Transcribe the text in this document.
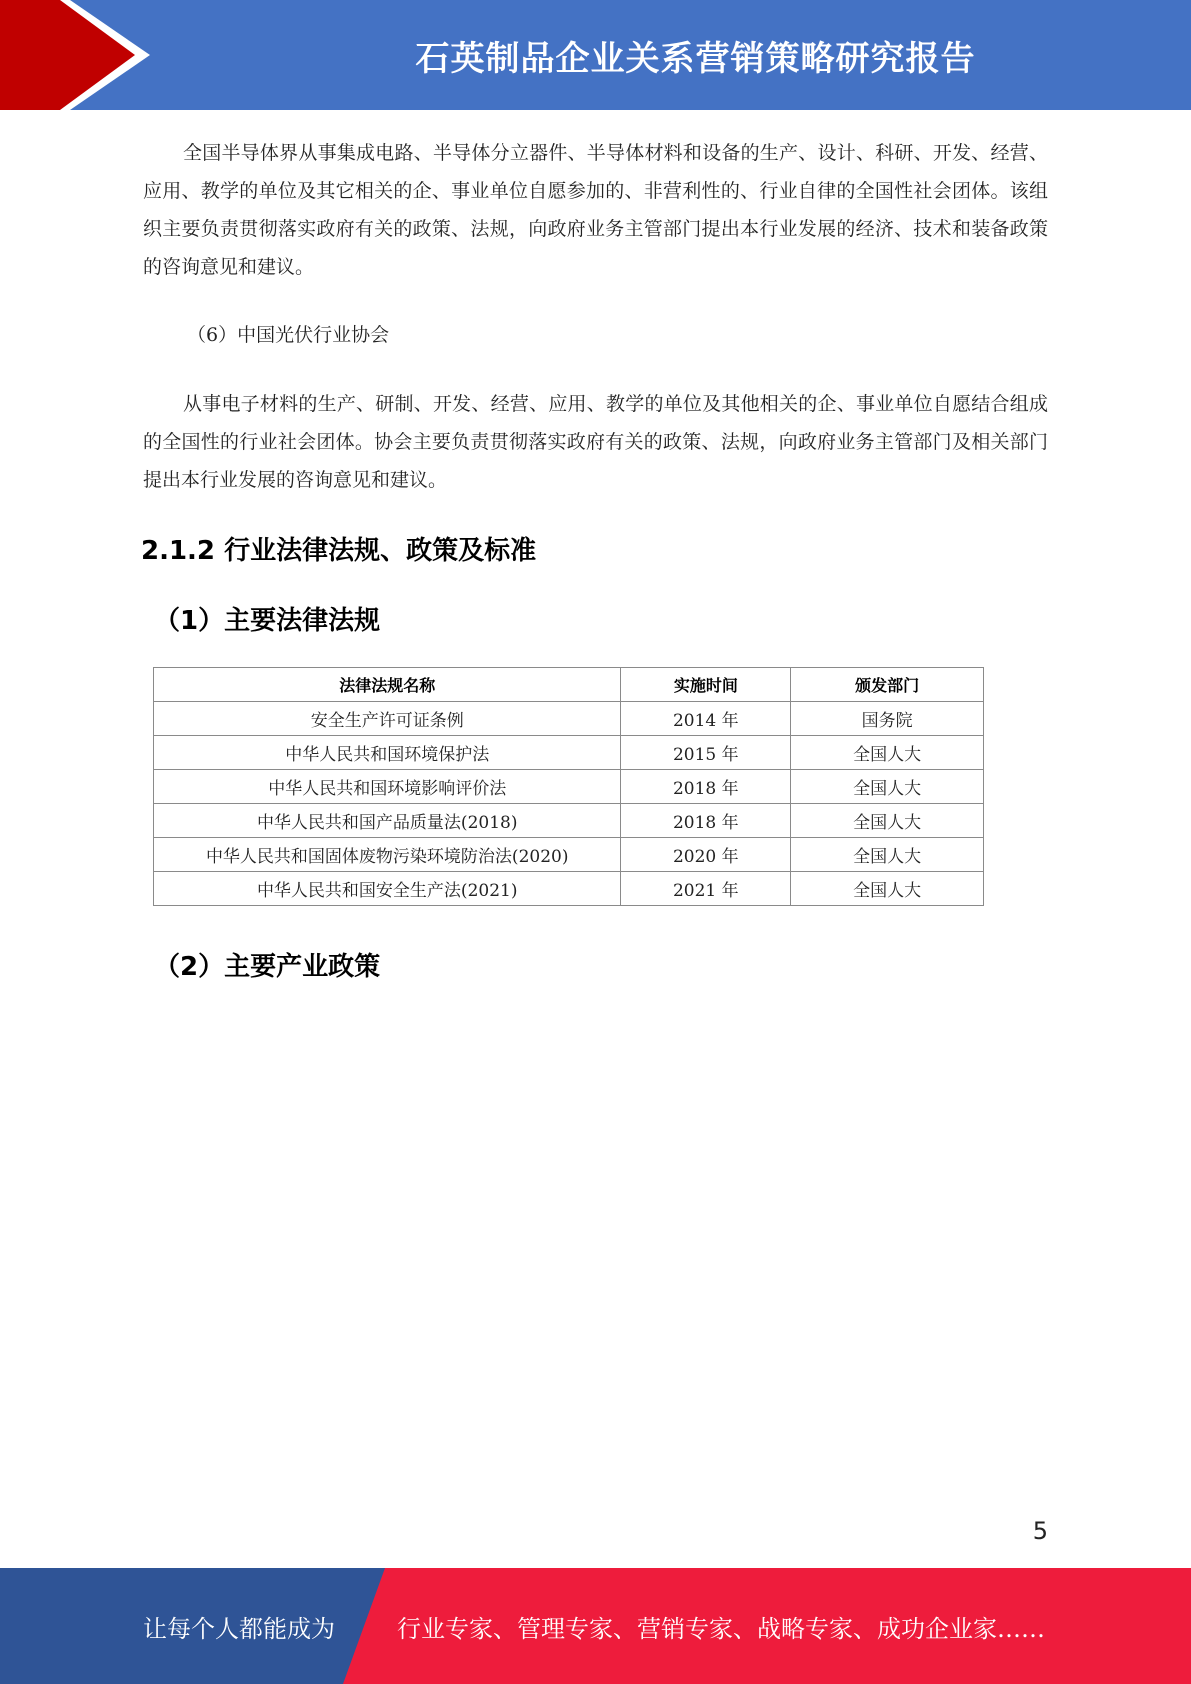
石英制品企业关系营销策略研究报告

全国半导体界从事集成电路、半导体分立器件、半导体材料和设备的生产、设计、科研、开发、经营、应用、教学的单位及其它相关的企、事业单位自愿参加的、非营利性的、行业自律的全国性社会团体。该组织主要负责贯彻落实政府有关的政策、法规，向政府业务主管部门提出本行业发展的经济、技术和装备政策的咨询意见和建议。

（6）中国光伏行业协会

从事电子材料的生产、研制、开发、经营、应用、教学的单位及其他相关的企、事业单位自愿结合组成的全国性的行业社会团体。协会主要负责贯彻落实政府有关的政策、法规，向政府业务主管部门及相关部门提出本行业发展的咨询意见和建议。

2.1.2 行业法律法规、政策及标准
（1）主要法律法规
法律法规名称	实施时间	颁发部门
安全生产许可证条例	2014 年	国务院
中华人民共和国环境保护法	2015 年	全国人大
中华人民共和国环境影响评价法	2018 年	全国人大
中华人民共和国产品质量法(2018)	2018 年	全国人大
中华人民共和国固体废物污染环境防治法(2020)	2020 年	全国人大
中华人民共和国安全生产法(2021)	2021 年	全国人大
（2）主要产业政策
5
让每个人都能成为	行业专家、管理专家、营销专家、战略专家、成功企业家……
